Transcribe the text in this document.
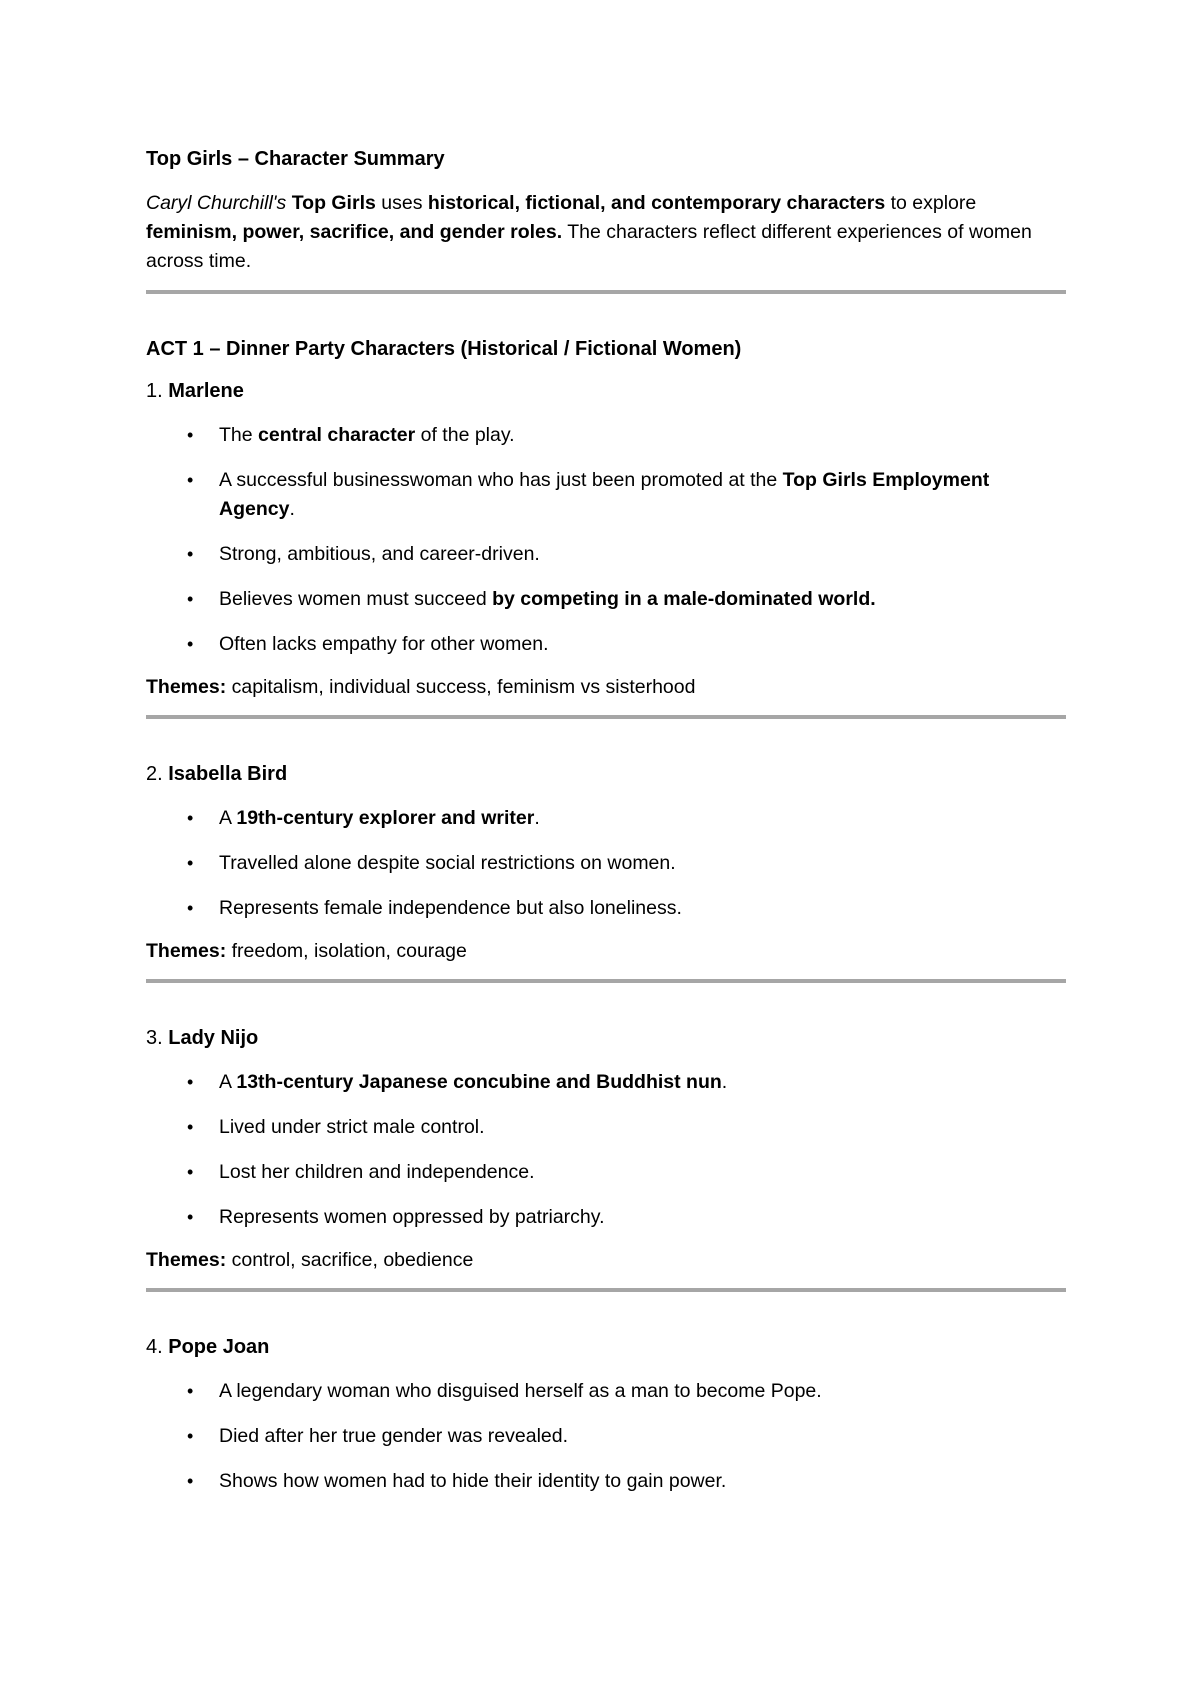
Top Girls – Character Summary

Caryl Churchill's Top Girls uses historical, fictional, and contemporary characters to explore feminism, power, sacrifice, and gender roles. The characters reflect different experiences of women across time.

ACT 1 – Dinner Party Characters (Historical / Fictional Women)

1. Marlene

• The central character of the play.
• A successful businesswoman who has just been promoted at the Top Girls Employment Agency.
• Strong, ambitious, and career-driven.
• Believes women must succeed by competing in a male-dominated world.
• Often lacks empathy for other women.

Themes: capitalism, individual success, feminism vs sisterhood

2. Isabella Bird

• A 19th-century explorer and writer.
• Travelled alone despite social restrictions on women.
• Represents female independence but also loneliness.

Themes: freedom, isolation, courage

3. Lady Nijo

• A 13th-century Japanese concubine and Buddhist nun.
• Lived under strict male control.
• Lost her children and independence.
• Represents women oppressed by patriarchy.

Themes: control, sacrifice, obedience

4. Pope Joan

• A legendary woman who disguised herself as a man to become Pope.
• Died after her true gender was revealed.
• Shows how women had to hide their identity to gain power.
